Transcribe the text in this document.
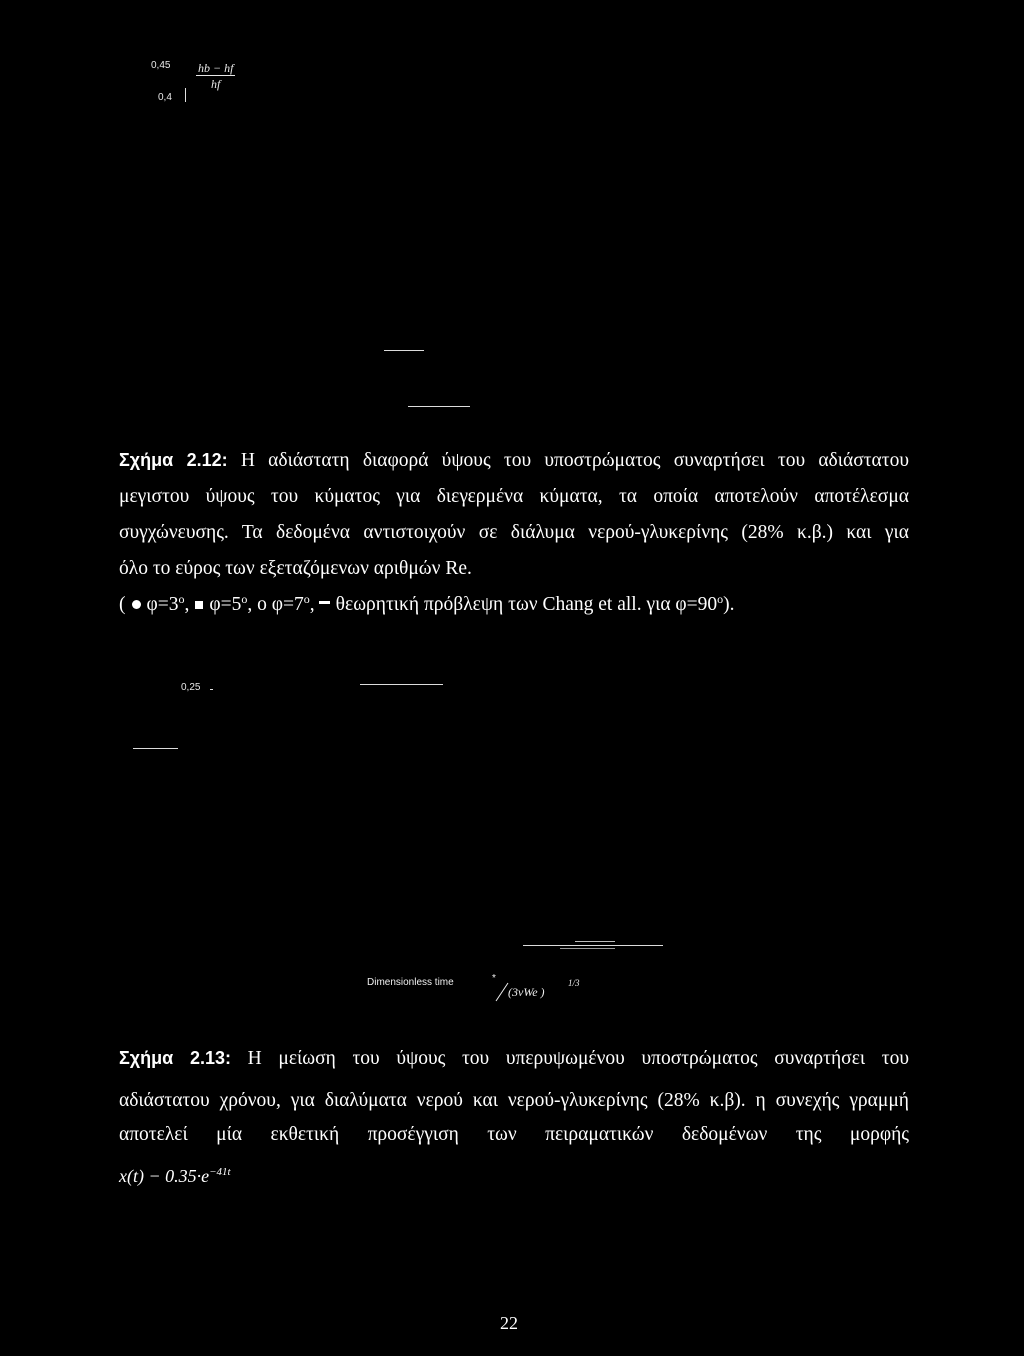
0,45
0,4
$\frac{hb - hf}{hf}$
Σχήμα 2.12: Η αδιάστατη διαφορά ύψους του υποστρώματος συναρτήσει του αδιάστατου
μεγιστου ύψους του κύματος για διεγερμένα κύματα, τα οποία αποτελούν αποτέλεσμα
συγχώνευσης. Τα δεδομένα αντιστοιχούν σε διάλυμα νερού-γλυκερίνης (28% κ.β.) και για
όλο το εύρος των εξεταζόμενων αριθμών Re.
( $\varphi=3^o$, $\varphi=5^o$, ο $\varphi=7^o$, θεωρητική πρόβλεψη των Chang et all. για $\varphi=90^o$).
0,25
Dimensionless time	*
(3νWe )
1/3
Σχήμα 2.13: Η μείωση του ύψους του υπερυψωμένου υποστρώματος συναρτήσει του
αδιάστατου χρόνου, για διαλύματα νερού και νερού-γλυκερίνης (28% κ.β). η συνεχής γραμμή
αποτελεί μία εκθετική προσέγγιση των πειραματικών δεδομένων της μορφής
$x(t) - 0.35\cdot e^{-41t}$
22
